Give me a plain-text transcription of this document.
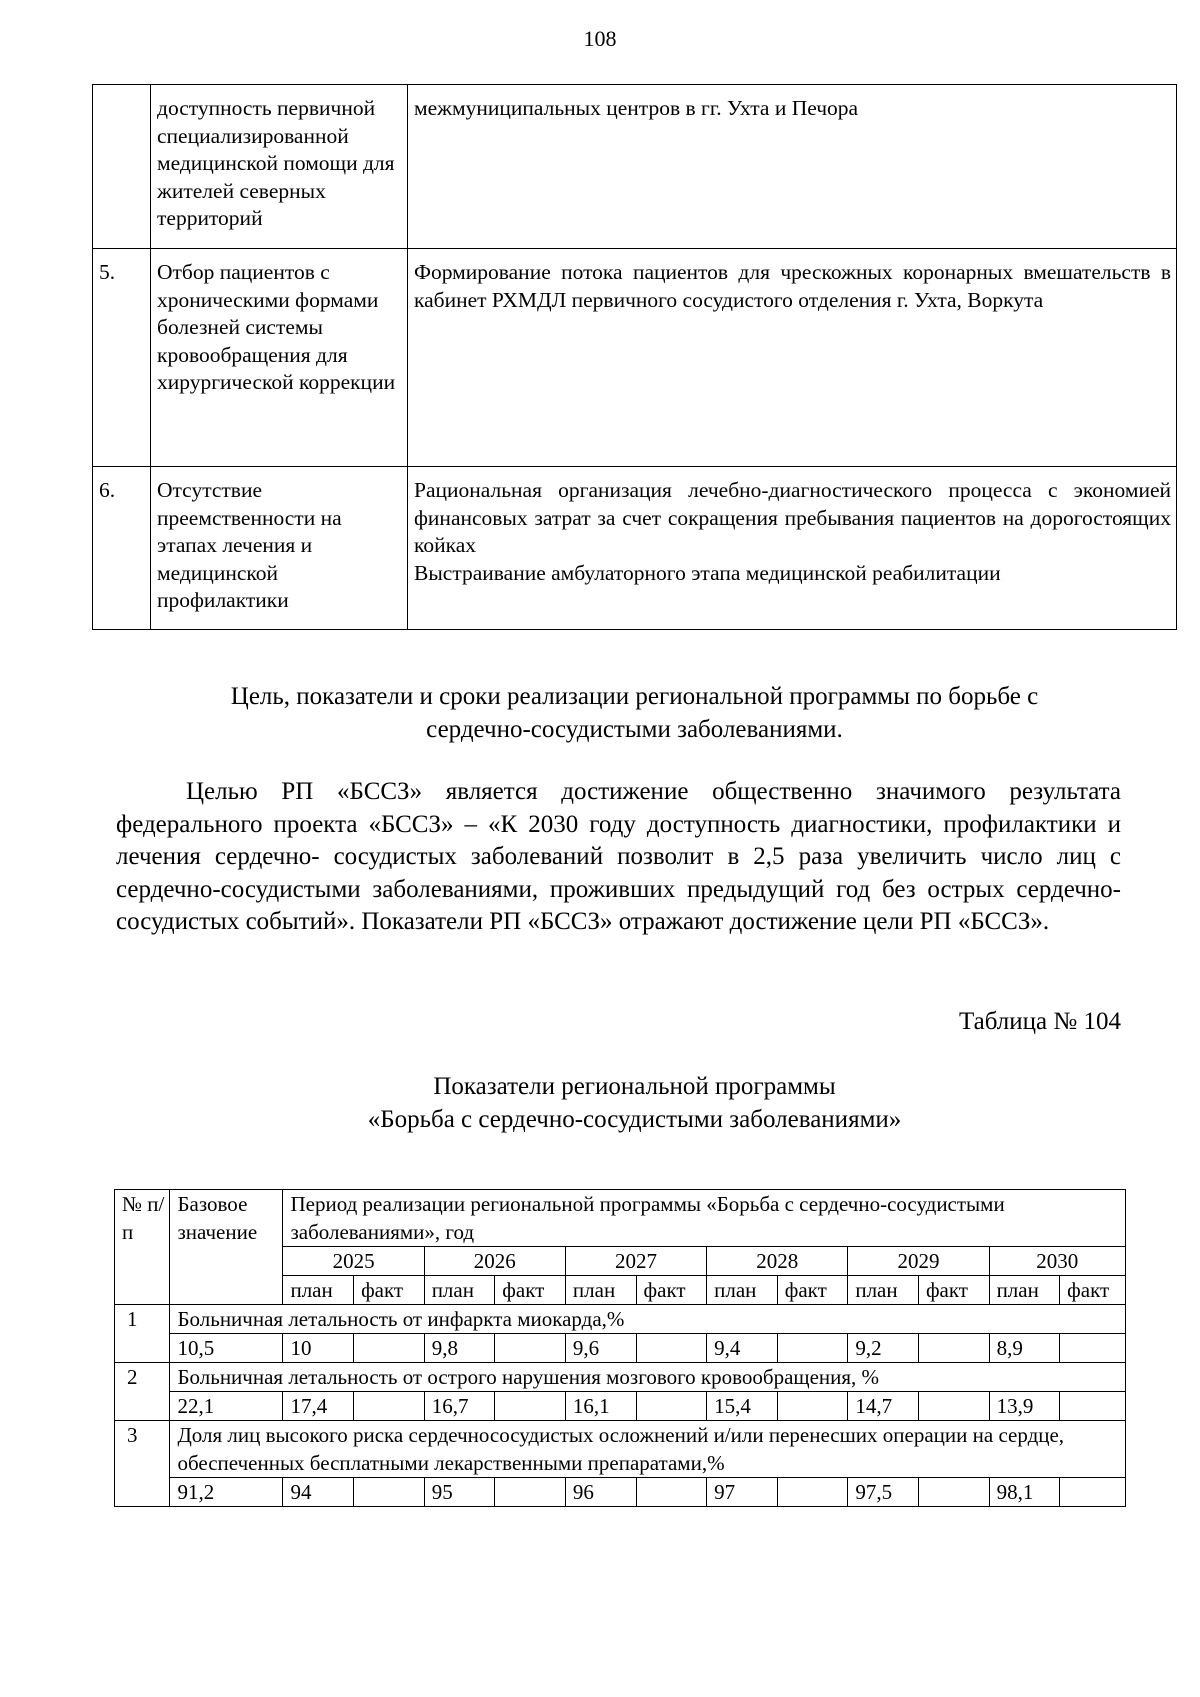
108
	доступность первичной специализированной медицинской помощи для жителей северных территорий	межмуниципальных центров в гг. Ухта и Печора

5.	Отбор пациентов с хроническими формами болезней системы кровообращения для хирургической коррекции	Формирование потока пациентов для чрескожных коронарных вмешательств в кабинет РХМДЛ первичного сосудистого отделения г. Ухта, Воркута

6.	Отсутствие преемственности на этапах лечения и медицинской профилактики	Рациональная организация лечебно-диагностического процесса с экономией финансовых затрат за счет сокращения пребывания пациентов на дорогостоящих койках
Выстраивание амбулаторного этапа медицинской реабилитации
Цель, показатели и сроки реализации региональной программы по борьбе с
сердечно-сосудистыми заболеваниями.
Целью РП «БССЗ» является достижение общественно значимого результата федерального проекта «БССЗ» – «К 2030 году доступность диагностики, профилактики и лечения сердечно- сосудистых заболеваний позволит в 2,5 раза увеличить число лиц с сердечно-сосудистыми заболеваниями, проживших предыдущий год без острых сердечно-сосудистых событий». Показатели РП «БССЗ» отражают достижение цели РП «БССЗ».
Таблица № 104
Показатели региональной программы
«Борьба с сердечно-сосудистыми заболеваниями»
№ п/п	Базовое значение	Период реализации региональной программы «Борьба с сердечно-сосудистыми заболеваниями», год											
		2025		2026		2027		2028		2029		2030	
		план	факт	план	факт	план	факт	план	факт	план	факт	план	факт
1	Больничная летальность от инфаркта миокарда,%												
	10,5	10		9,8		9,6		9,4		9,2		8,9	
2	Больничная летальность от острого нарушения мозгового кровообращения, %												
	22,1	17,4		16,7		16,1		15,4		14,7		13,9	
3	Доля лиц высокого риска сердечнососудистых осложнений и/или перенесших операции на сердце, обеспеченных бесплатными лекарственными препаратами,%												
	91,2	94		95		96		97		97,5		98,1	
